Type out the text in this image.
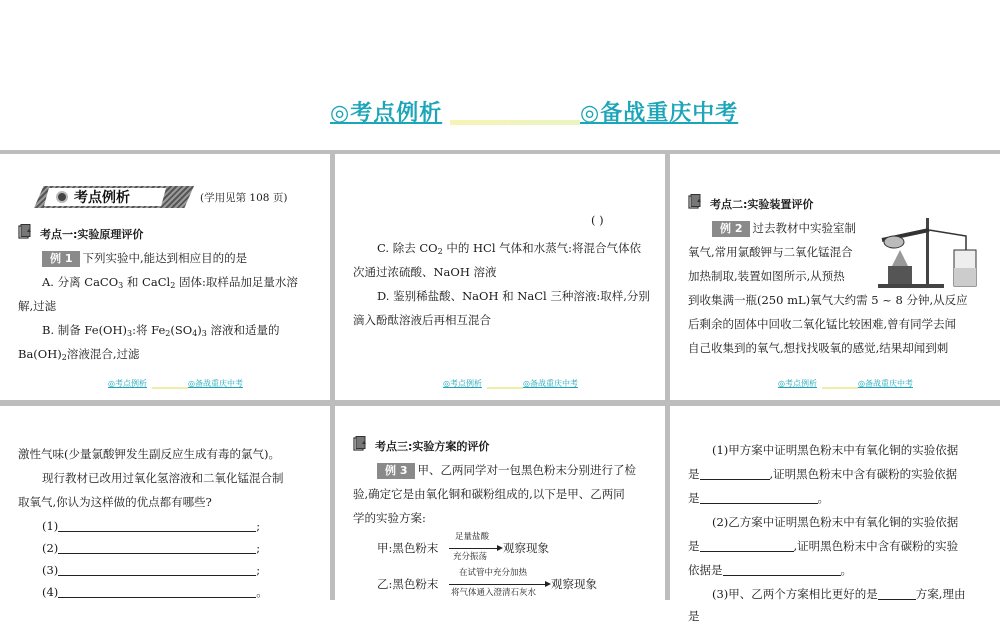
◎考点例析	◎备战重庆中考
考点例析	(学用见第 108 页)
考点一:实验原理评价
例 1 下列实验中,能达到相应目的的是
A. 分离 CaCO$_3$ 和 CaCl$_2$ 固体:取样品加足量水溶
解,过滤
B. 制备 $Fe(OH)_3$:将 $Fe_2(SO_4)_3$ 溶液和适量的
$Ba(OH)_2$溶液混合,过滤
◎考点例析	◎备战重庆中考
( )
C. 除去 $CO_2$ 中的 HCl 气体和水蒸气:将混合气体依
次通过浓硫酸、NaOH 溶液
D. 鉴别稀盐酸、NaOH 和 NaCl 三种溶液:取样,分别
滴入酚酞溶液后再相互混合
◎考点例析	◎备战重庆中考
考点二:实验装置评价
例 2 过去教材中实验室制
氧气,常用氯酸钾与二氧化锰混合
加热制取,装置如图所示,从预热
到收集满一瓶(250 mL)氧气大约需 5 ~ 8 分钟,从反应
后剩余的固体中回收二氧化锰比较困难,曾有同学去闻
自己收集到的氧气,想找找吸氧的感觉,结果却闻到刺
◎考点例析	◎备战重庆中考
激性气味(少量氯酸钾发生副反应生成有毒的氯气)。
现行教材已改用过氧化氢溶液和二氧化锰混合制
取氧气,你认为这样做的优点都有哪些?
(1)	;
(2)	;
(3)	;
(4)	。
考点三:实验方案的评价
例 3 甲、乙两同学对一包黑色粉末分别进行了检
验,确定它是由氧化铜和碳粉组成的,以下是甲、乙两同
学的实验方案:
甲:黑色粉末
足量盐酸
充分振荡
观察现象
乙:黑色粉末
在试管中充分加热
将气体通入澄清石灰水
观察现象
(1)甲方案中证明黑色粉末中有氧化铜的实验依据
是	,证明黑色粉末中含有碳粉的实验依据
是	。
(2)乙方案中证明黑色粉末中有氧化铜的实验依据
是	,证明黑色粉末中含有碳粉的实验
依据是	。
(3)甲、乙两个方案相比更好的是	方案,理由
是
